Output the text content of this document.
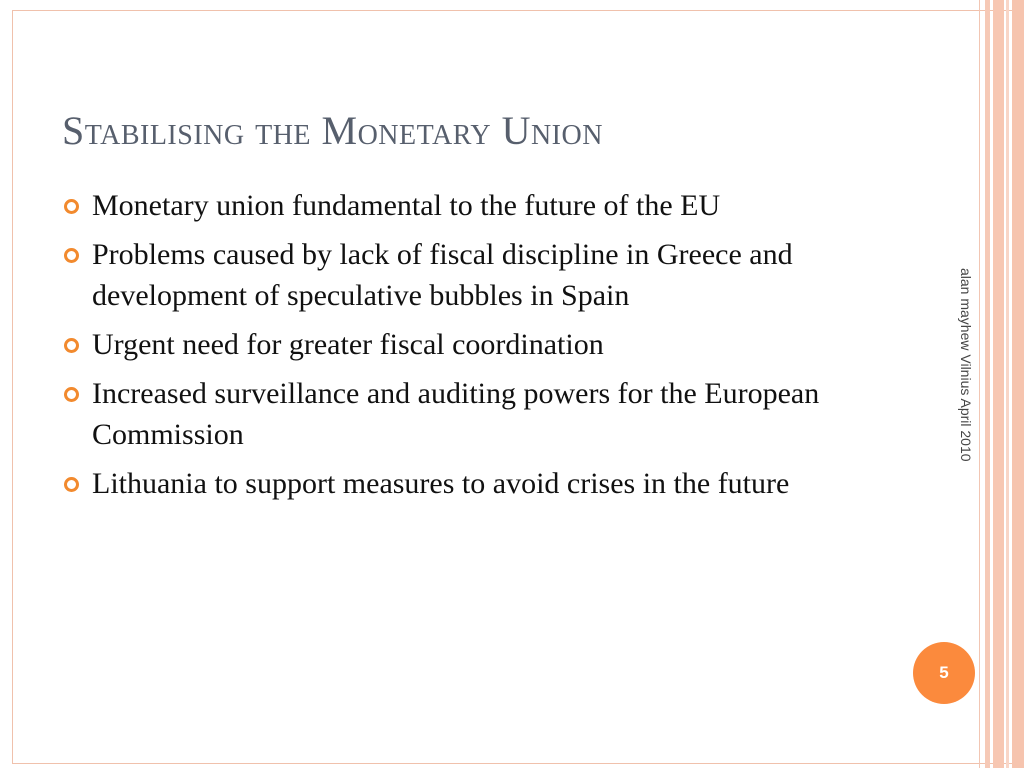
Stabilising the Monetary Union
Monetary union fundamental to the future of the EU
Problems caused by lack of fiscal discipline in Greece and development of speculative bubbles in Spain
Urgent need for greater fiscal coordination
Increased surveillance and auditing powers for the European Commission
Lithuania to support measures to avoid crises in the future
alan mayhew Vilnius April 2010
5
